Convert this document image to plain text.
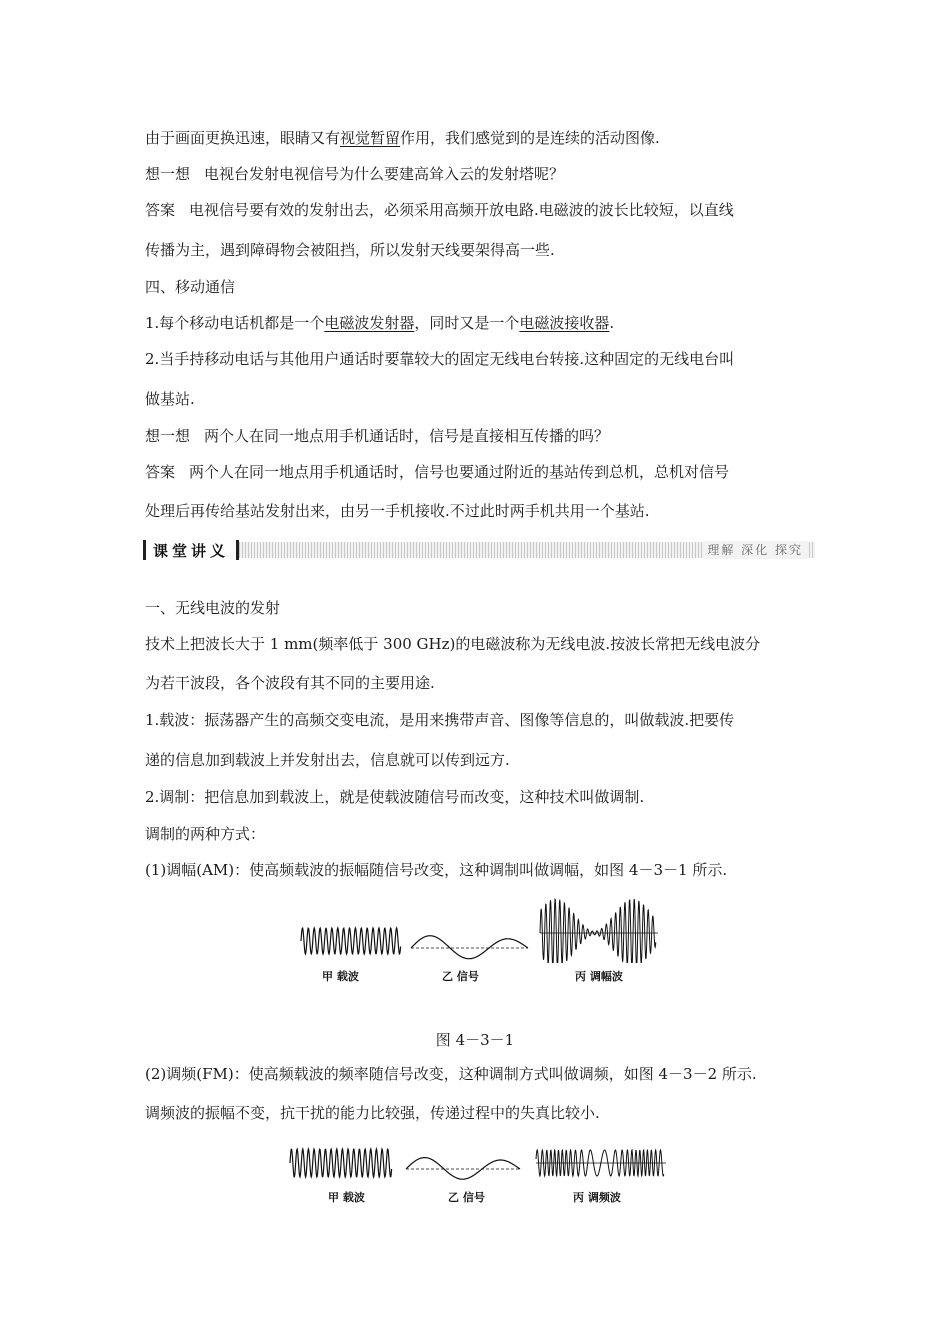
由于画面更换迅速，眼睛又有视觉暂留作用，我们感觉到的是连续的活动图像.
想一想 电视台发射电视信号为什么要建高耸入云的发射塔呢？
答案 电视信号要有效的发射出去，必须采用高频开放电路.电磁波的波长比较短，以直线
传播为主，遇到障碍物会被阻挡，所以发射天线要架得高一些.
四、移动通信
1.每个移动电话机都是一个电磁波发射器，同时又是一个电磁波接收器.
2.当手持移动电话与其他用户通话时要靠较大的固定无线电台转接.这种固定的无线电台叫
做基站.
想一想 两个人在同一地点用手机通话时，信号是直接相互传播的吗？
答案 两个人在同一地点用手机通话时，信号也要通过附近的基站传到总机，总机对信号
处理后再传给基站发射出来，由另一手机接收.不过此时两手机共用一个基站.
课堂讲义	理解 深化 探究
一、无线电波的发射
技术上把波长大于 1 mm(频率低于 300 GHz)的电磁波称为无线电波.按波长常把无线电波分
为若干波段，各个波段有其不同的主要用途.
1.载波：振荡器产生的高频交变电流，是用来携带声音、图像等信息的，叫做载波.把要传
递的信息加到载波上并发射出去，信息就可以传到远方.
2.调制：把信息加到载波上，就是使载波随信号而改变，这种技术叫做调制.
调制的两种方式：
(1)调幅(AM)：使高频载波的振幅随信号改变，这种调制叫做调幅，如图 4－3－1 所示.
甲 载波	乙 信号	丙 调幅波
图 4－3－1
(2)调频(FM)：使高频载波的频率随信号改变，这种调制方式叫做调频，如图 4－3－2 所示.
调频波的振幅不变，抗干扰的能力比较强，传递过程中的失真比较小.
甲 载波	乙 信号	丙 调频波
